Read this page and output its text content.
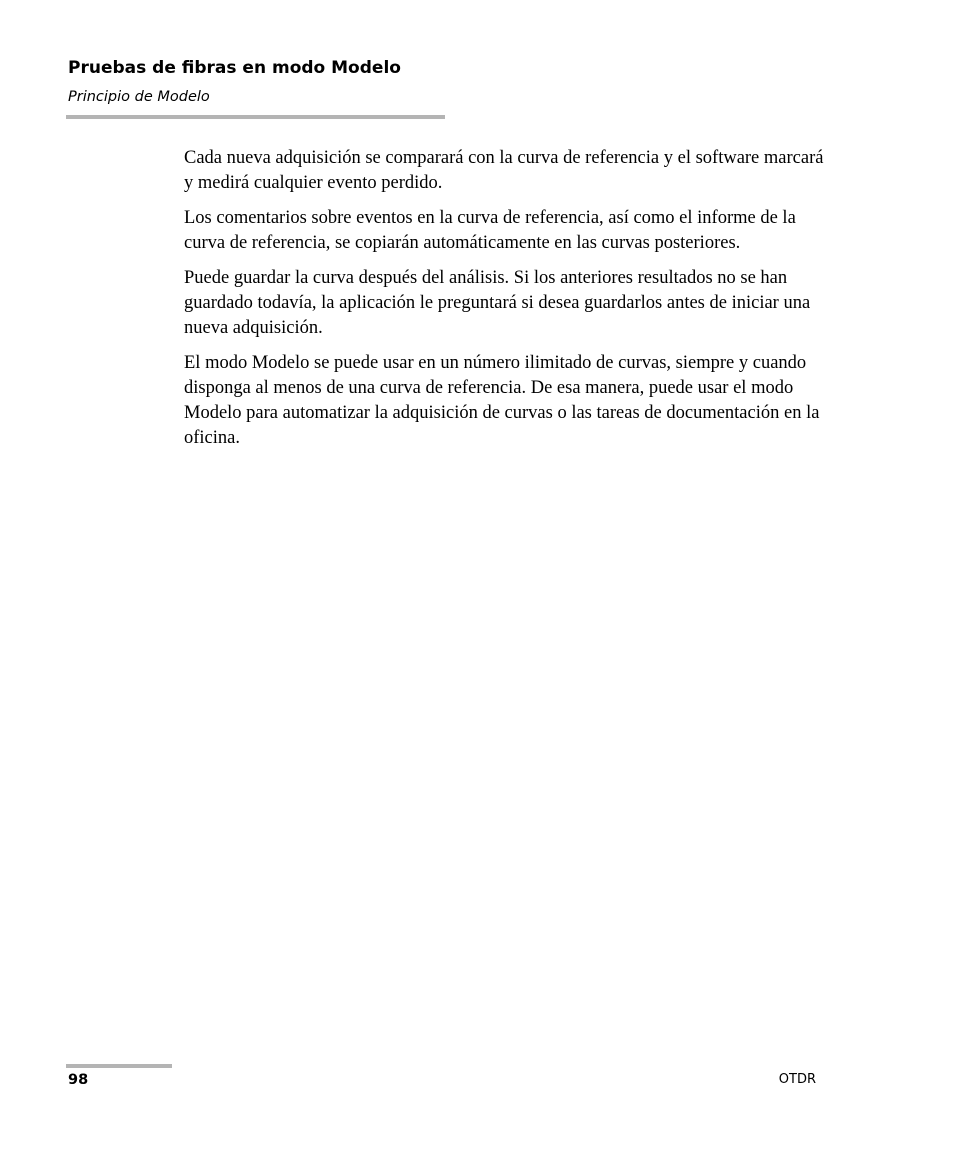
Pruebas de fibras en modo Modelo
Principio de Modelo

Cada nueva adquisición se comparará con la curva de referencia y el software marcará y medirá cualquier evento perdido.

Los comentarios sobre eventos en la curva de referencia, así como el informe de la curva de referencia, se copiarán automáticamente en las curvas posteriores.

Puede guardar la curva después del análisis. Si los anteriores resultados no se han guardado todavía, la aplicación le preguntará si desea guardarlos antes de iniciar una nueva adquisición.

El modo Modelo se puede usar en un número ilimitado de curvas, siempre y cuando disponga al menos de una curva de referencia. De esa manera, puede usar el modo Modelo para automatizar la adquisición de curvas o las tareas de documentación en la oficina.

98	OTDR
